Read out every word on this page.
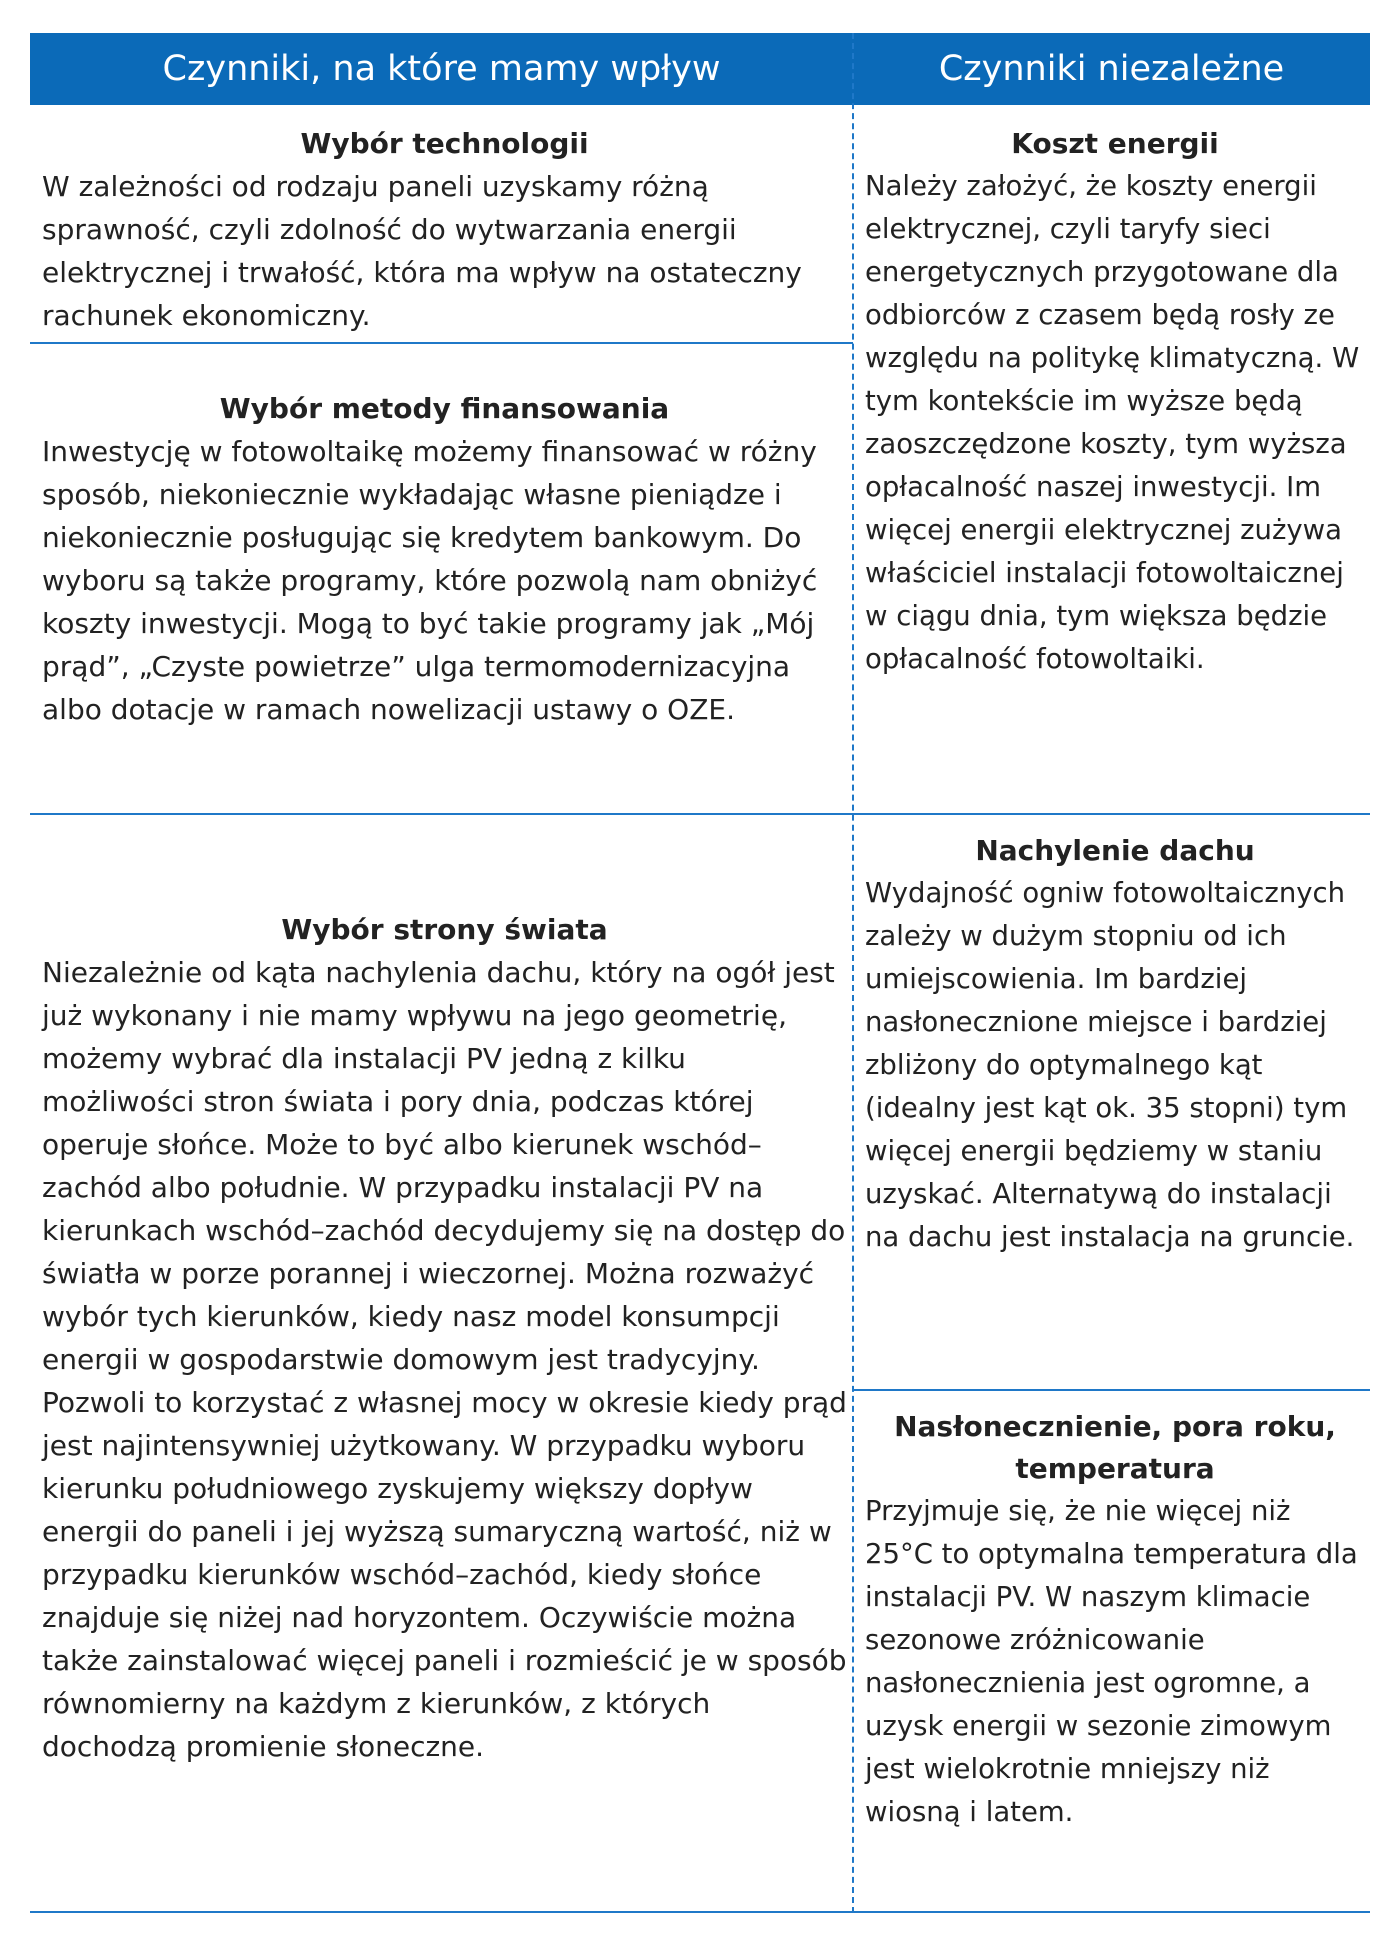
Czynniki, na które mamy wpływ	Czynniki niezależne
Wybór technologii
W zależności od rodzaju paneli uzyskamy różną sprawność, czyli zdolność do wytwarzania energii elektrycznej i trwałość, która ma wpływ na ostateczny rachunek ekonomiczny.
Wybór metody finansowania
Inwestycję w fotowoltaikę możemy finansować w różny sposób, niekoniecznie wykładając własne pieniądze i niekoniecznie posługując się kredytem bankowym. Do wyboru są także programy, które pozwolą nam obniżyć koszty inwestycji. Mogą to być takie programy jak „Mój prąd”, „Czyste powietrze” ulga termomodernizacyjna albo dotacje w ramach nowelizacji ustawy o OZE.
Wybór strony świata
Niezależnie od kąta nachylenia dachu, który na ogół jest już wykonany i nie mamy wpływu na jego geometrię, możemy wybrać dla instalacji PV jedną z kilku możliwości stron świata i pory dnia, podczas której operuje słońce. Może to być albo kierunek wschód–zachód albo południe. W przypadku instalacji PV na kierunkach wschód–zachód decydujemy się na dostęp do światła w porze porannej i wieczornej. Można rozważyć wybór tych kierunków, kiedy nasz model konsumpcji energii w gospodarstwie domowym jest tradycyjny. Pozwoli to korzystać z własnej mocy w okresie kiedy prąd jest najintensywniej użytkowany. W przypadku wyboru kierunku południowego zyskujemy większy dopływ energii do paneli i jej wyższą sumaryczną wartość, niż w przypadku kierunków wschód–zachód, kiedy słońce znajduje się niżej nad horyzontem. Oczywiście można także zainstalować więcej paneli i rozmieścić je w sposób równomierny na każdym z kierunków, z których dochodzą promienie słoneczne.
Koszt energii
Należy założyć, że koszty energii elektrycznej, czyli taryfy sieci energetycznych przygotowane dla odbiorców z czasem będą rosły ze względu na politykę klimatyczną. W tym kontekście im wyższe będą zaoszczędzone koszty, tym wyższa opłacalność naszej inwestycji. Im więcej energii elektrycznej zużywa właściciel instalacji fotowoltaicznej w ciągu dnia, tym większa będzie opłacalność fotowoltaiki.
Nachylenie dachu
Wydajność ogniw fotowoltaicznych zależy w dużym stopniu od ich umiejscowienia. Im bardziej nasłonecznione miejsce i bardziej zbliżony do optymalnego kąt (idealny jest kąt ok. 35 stopni) tym więcej energii będziemy w staniu uzyskać. Alternatywą do instalacji na dachu jest instalacja na gruncie.
Nasłonecznienie, pora roku, temperatura
Przyjmuje się, że nie więcej niż 25°C to optymalna temperatura dla instalacji PV. W naszym klimacie sezonowe zróżnicowanie nasłonecznienia jest ogromne, a uzysk energii w sezonie zimowym jest wielokrotnie mniejszy niż wiosną i latem.
